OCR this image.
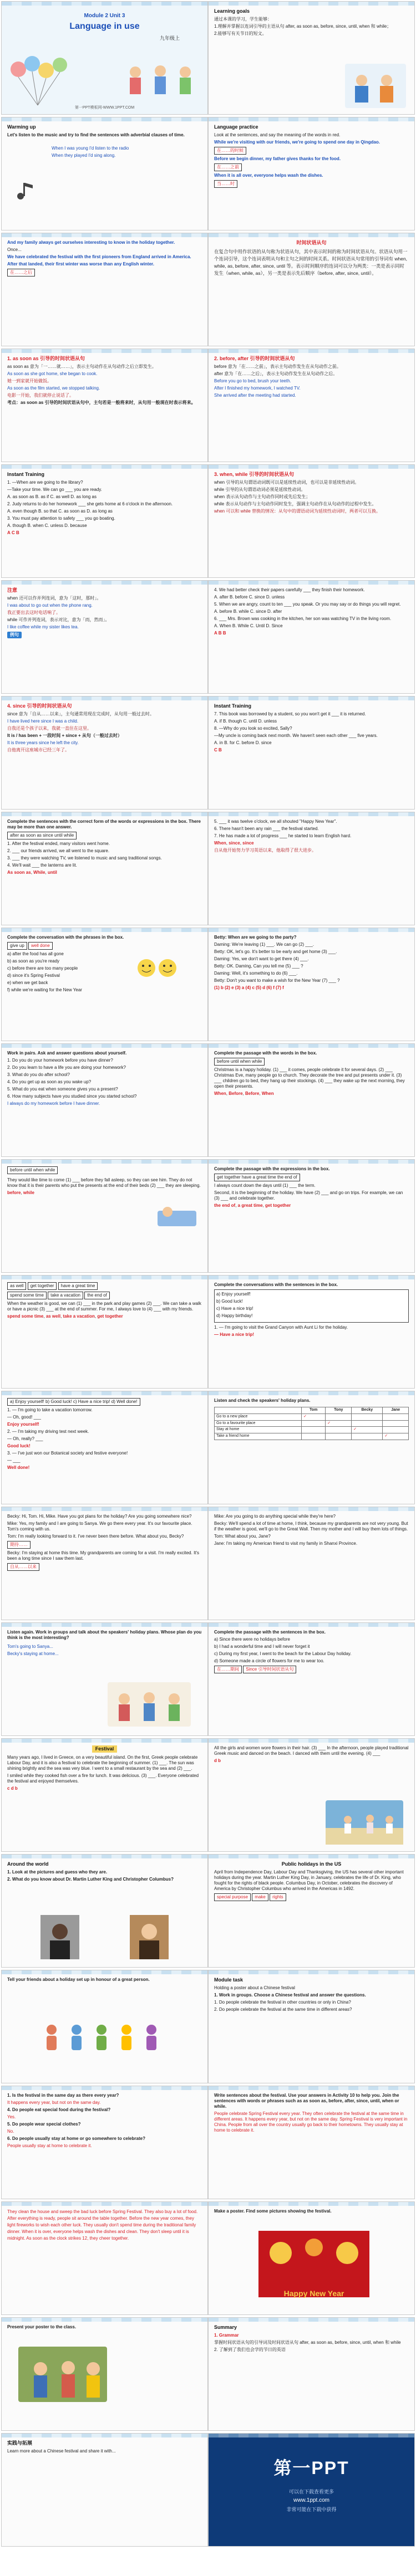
Module 2 Unit 3
Language in use
九年级上
第一PPT模板网-WWW.1PPT.COM
Learning goals
通过本课的学习，学生能够：
1.理解并掌握以连词引导的主语从句 after, as soon as, before, since, until, when 和 while；
2.能够写有关节日的短文。
Warming up
Let's listen to the music and try to find the sentences with adverbial clauses of time.
When I was young I'd listen to the radio
When they played I'd sing along.
Language practice
Look at the sentences, and say the meaning of the words in red.
While we're visiting with our friends, we're going to spend one day in Qingdao.
在……的时候
Before we begin dinner, my father gives thanks for the food.
在……之前
When it is all over, everyone helps wash the dishes.
当……时
And my family always get ourselves interesting to know in the holiday together.
Once...
We have celebrated the festival with the first pioneers from England arrived in America.
After that landed, their first winter was worse than any English winter.
在……之后
时间状语从句
在复合句中用作状语的从句称为状语从句，其中表示时间的称为时间状语从句。状语从句用一个连词引导，这个连词表明从句和主句之间的时间关系。时间状语从句常用的引导词有 when, while, as, before, after, since, until 等。表示时间顺序的连词可以分为两类：一类是表示同时发生（when, while, as），另一类是表示先后顺序（before, after, since, until）。
1. as soon as 引导的时间状语从句
as soon as 意为「一……就……」，表示主句动作在从句动作之后立即发生。
As soon as she got home, she began to cook.
她一到家就开始做饭。
As soon as the film started, we stopped talking.
电影一开始，我们就停止说话了。
考点：as soon as 引导的时间状语从句中，主句若是一般将来时，从句用一般现在时表示将来。
2. before, after 引导的时间状语从句
before 意为「在……之前」，表示主句动作发生在从句动作之前。
after 意为「在……之后」，表示主句动作发生在从句动作之后。
Before you go to bed, brush your teeth.
After I finished my homework, I watched TV.
She arrived after the meeting had started.
Instant Training
1. —When are we going to the library?
—Take your time. We can go ___ you are ready.
A. as soon as B. as if C. as well D. as long as
2. Judy returns to do her homework ___ she gets home at 6 o'clock in the afternoon.
A. even though B. so that C. as soon as D. as long as
3. You must pay attention to safety ___ you go boating.
A. though B. when C. unless D. because
A C B
3. when, while 引导的时间状语从句
when 引导的从句谓语动词既可以是延续性动词，也可以是非延续性动词。
while 引导的从句谓语动词必须是延续性动词。
when 表示从句动作与主句动作同时或先后发生；
while 表示从句动作与主句动作同时发生，强调主句动作在从句动作的过程中发生。
when 可以和 while 替换的情况：从句中的谓语动词为延续性动词时，两者可以互换。
注意
when 还可以作并列连词，意为「这时，那时」。
I was about to go out when the phone rang.
我正要出去这时电话响了。
while 可作并列连词，表示对比，意为「而，然而」。
I like coffee while my sister likes tea.
例句
4. We had better check their papers carefully ___ they finish their homework.
A. after B. before C. since D. unless
5. When we are angry, count to ten ___ you speak. Or you may say or do things you will regret.
A. before B. while C. since D. after
6. ___ Mrs. Brown was cooking in the kitchen, her son was watching TV in the living room.
A. When B. While C. Until D. Since
A B B
4. since 引导的时间状语从句
since 意为「自从……以来」，主句通常用现在完成时，从句用一般过去时。
I have lived here since I was a child.
自我还是个孩子以来，我就一直住在这里。
It is / has been + 一段时间 + since + 从句（一般过去时）
It is three years since he left the city.
自他离开这座城市已经三年了。
Instant Training
7. This book was borrowed by a student, so you won't get it ___ it is returned.
A. if B. though C. until D. unless
8. —Why do you look so excited, Sally?
—My uncle is coming back next month. We haven't seen each other ___ five years.
A. in B. for C. before D. since
C B
Complete the sentences with the correct form of the words or expressions in the box. There may be more than one answer.
after as soon as since until while
1. After the festival ended, many visitors went home.
2. ___ our friends arrived, we all went to the square.
3. ___ they were watching TV, we listened to music and sang traditional songs.
4. We'll wait ___ the lanterns are lit.
As soon as, While, until
5. ___ it was twelve o'clock, we all shouted "Happy New Year".
6. There hasn't been any rain ___ the festival started.
7. He has made a lot of progress ___ he started to learn English hard.
When, since, since
自从他开始努力学习英语以来，他取得了很大进步。
Complete the conversation with the phrases in the box.
give up well done
a) after the food has all gone
b) as soon as you're ready
c) before there are too many people
d) since it's Spring Festival
e) when we get back
f) while we're waiting for the New Year
Betty: When are we going to the party?
Daming: We're leaving (1) ___. We can go (2) ___.
Betty: OK, let's go. It's better to be early and get home (3) ___.
Daming: Yes, we don't want to get there (4) ___.
Betty: OK. Daming, Can you tell me (5) ___ ?
Daming: Well, it's something to do (6) ___.
Betty: Don't you want to make a wish for the New Year (7) ___ ?
(1) b (2) e (3) a (4) c (5) d (6) f (7) f
Work in pairs. Ask and answer questions about yourself.
1. Do you do your homework before you have dinner?
2. Do you learn to have a life you are doing your homework?
3. What do you do after school?
4. Do you get up as soon as you wake up?
5. What do you eat when someone gives you a present?
6. How many subjects have you studied since you started school?
I always do my homework before I have dinner.
Complete the passage with the words in the box.
before until when while
Christmas is a happy holiday. (1) ___ it comes, people celebrate it for several days. (2) ___ Christmas Eve, many people go to church. They decorate the tree and put presents under it. (3) ___ children go to bed, they hang up their stockings. (4) ___ they wake up the next morning, they open their presents.
When, Before, Before, When
before until when while
They would like time to come (1) ___ before they fall asleep, so they can see him. They do not know that it is their parents who put the presents at the end of their beds (2) ___ they are sleeping.
before, while
Complete the passage with the expressions in the box.
get together have a great time the end of
I always count down the days until (1) ___ the term.
Second, it is the beginning of the holiday. We have (2) ___ and go on trips. For example, we can (3) ___ and celebrate together.
the end of, a great time, get together
as well get together have a great time
spend some time take a vacation the end of
When the weather is good, we can (1) ___ in the park and play games (2) ___. We can take a walk or have a picnic (3) ___ at the end of summer. For me, I always love to (4) ___ with my friends.
spend some time, as well, take a vacation, get together
Complete the conversations with the sentences in the box.
a) Enjoy yourself!
b) Good luck!
c) Have a nice trip!
d) Happy birthday!
1. — I'm going to visit the Grand Canyon with Aunt Li for the holiday.
— Have a nice trip!
a) Enjoy yourself! b) Good luck! c) Have a nice trip! d) Well done!
1. — I'm going to take a vacation tomorrow.
— Oh, good! ___
Enjoy yourself!
2. — I'm taking my driving test next week.
— Oh, really? ___
Good luck!
3. — I've just won our Botanical society and festive everyone!
— ___
Well done!
Listen and check the speakers' holiday plans.
	Tom	Tony	Becky	Jane
Go to a new place	✓			
Go to a favourite place		✓		
Stay at home			✓	
Take a friend home				✓
Becky: Hi, Tom. Hi, Mike. Have you got plans for the holiday? Are you going somewhere nice?
Mike: Yes, my family and I are going to Sanya. We go there every year. It's our favourite place. Tom's coming with us.
Tom: I'm really looking forward to it. I've never been there before. What about you, Becky?
期待……
Becky: I'm staying at home this time. My grandparents are coming for a visit. I'm really excited. It's been a long time since I saw them last.
自从……以来
Mike: Are you going to do anything special while they're here?
Becky: We'll spend a lot of time at home, I think, because my grandparents are not very young. But if the weather is good, we'll go to the Great Wall. Then my mother and I will buy them lots of things.
Tom: What about you, Jane?
Jane: I'm taking my American friend to visit my family in Shanxi Province.
Listen again. Work in groups and talk about the speakers' holiday plans. Whose plan do you think is the most interesting?
Tom's going to Sanya...
Becky's staying at home...
Complete the passage with the sentences in the box.
a) Since there were no holidays before
b) I had a wonderful time and I will never forget it
c) During my first year, I went to the beach for the Labour Day holiday.
d) Someone made a circle of flowers for me to wear too.
在……期间 Since 引导时间状语从句
Festival
Many years ago, I lived in Greece, on a very beautiful island. On the first, Greek people celebrate Labour Day, and it is also a festival to celebrate the beginning of summer. (1) ___. The sun was shining brightly and the sea was very blue. I went to a small restaurant by the sea and (2) ___.
I smiled while they cooked fish over a fire for lunch. It was delicious. (3) ___. Everyone celebrated the festival and enjoyed themselves.
c d b
All the girls and women wore flowers in their hair. (3) ___ In the afternoon, people played traditional Greek music and danced on the beach. I danced with them until the evening. (4) ___
d b
Around the world
1. Look at the pictures and guess who they are.
2. What do you know about Dr. Martin Luther King and Christopher Columbus?
Public holidays in the US
April from Independence Day, Labour Day and Thanksgiving, the US has several other important holidays during the year. Martin Luther King Day, in January, celebrates the life of Dr. King, who fought for the rights of black people. Columbus Day, in October, celebrates the discovery of America by Christopher Columbus who arrived in the Americas in 1492.
special purpose make rights
Tell your friends about a holiday set up in honour of a great person.	Module task
Holding a poster about a Chinese festival
1. Work in groups. Choose a Chinese festival and answer the questions.
1. Do people celebrate the festival in other countries or only in China?
2. Do people celebrate the festival at the same time in different areas?
1. Is the festival in the same day as there every year?
It happens every year, but not on the same day.
4. Do people eat special food during the festival?
Yes.
5. Do people wear special clothes?
No.
6. Do people usually stay at home or go somewhere to celebrate?
People usually stay at home to celebrate it.
Write sentences about the festival. Use your answers in Activity 10 to help you. Join the sentences with words or phrases such as as soon as, before, after, since, until, when or while.
People celebrate Spring Festival every year. They often celebrate the festival at the same time in different areas. It happens every year, but not on the same day. Spring Festival is very important in China. People from all over the country usually go back to their hometowns. They usually stay at home to celebrate it.
They clean the house and sweep the bad luck before Spring Festival. They also buy a lot of food. After everything is ready, people sit around the table together. Before the new year comes, they light fireworks to wish each other luck. They usually don't spend time during the traditional family dinner. When it is over, everyone helps wash the dishes and clean. They don't sleep until it is midnight. As soon as the clock strikes 12, they cheer together.
Make a poster. Find some pictures showing the festival.
Happy New Year
Present your poster to the class.	Summary
1. Grammar
掌握时间状语从句的引导词及时间状语从句 after, as soon as, before, since, until, when 和 while
2. 了解到了我们也会学的节日的英语
实践与拓展
Learn more about a Chinese festival and share it with...
第一PPT
可以在下载查看更多
www.1ppt.com
非常可能在下载中获得
